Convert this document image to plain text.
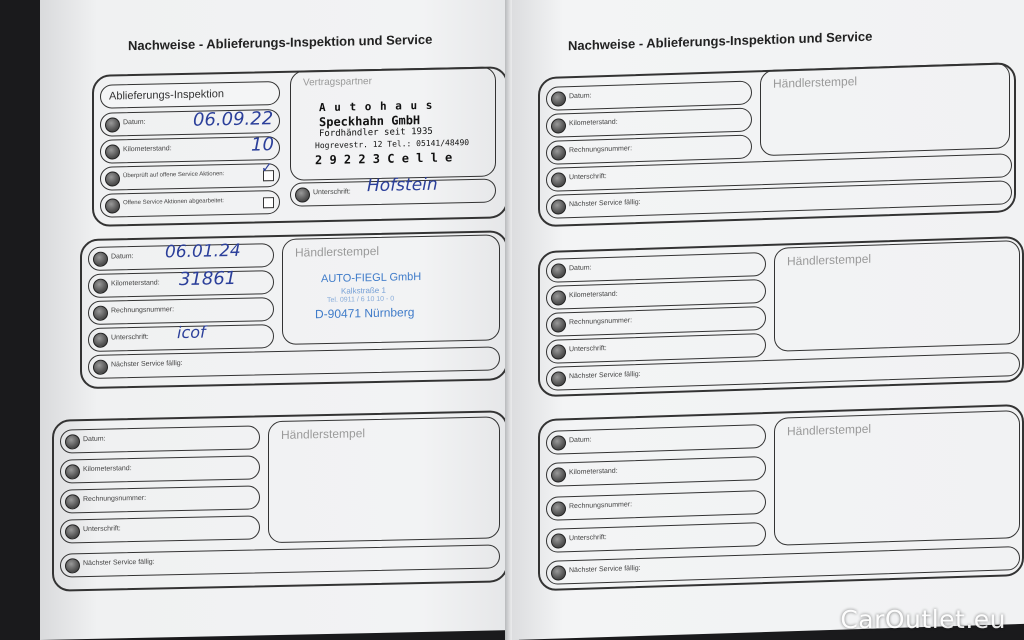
Nachweise - Ablieferungs-Inspektion und Service
Ablieferungs-Inspektion
Datum:	06.09.22
Kilometerstand:	10
Überprüft auf offene Service Aktionen:	✓
Offene Service Aktionen abgearbeitet:
Vertragspartner
A u t o h a u s
Speckhahn GmbH
Fordhändler seit 1935
Hogrevestr. 12 Tel.: 05141/48490
2 9 2 2 3 C e l l e
Unterschrift: Hofstein
Datum: 06.01.24
Kilometerstand: 31861
Rechnungsnummer:
Unterschrift: icof
Nächster Service fällig:
Händlerstempel
AUTO-FIEGL GmbH
Kalkstraße 1
Tel. 0911 / 6 10 10 - 0
D-90471 Nürnberg
Datum:
Kilometerstand:
Rechnungsnummer:
Unterschrift:
Nächster Service fällig:
Händlerstempel
Nachweise - Ablieferungs-Inspektion und Service
Datum:
Kilometerstand:
Rechnungsnummer:
Unterschrift:
Nächster Service fällig:
Händlerstempel
Datum:
Kilometerstand:
Rechnungsnummer:
Unterschrift:
Nächster Service fällig:
Händlerstempel
Datum:
Kilometerstand:
Rechnungsnummer:
Unterschrift:
Nächster Service fällig:
Händlerstempel
CarOutlet.eu
